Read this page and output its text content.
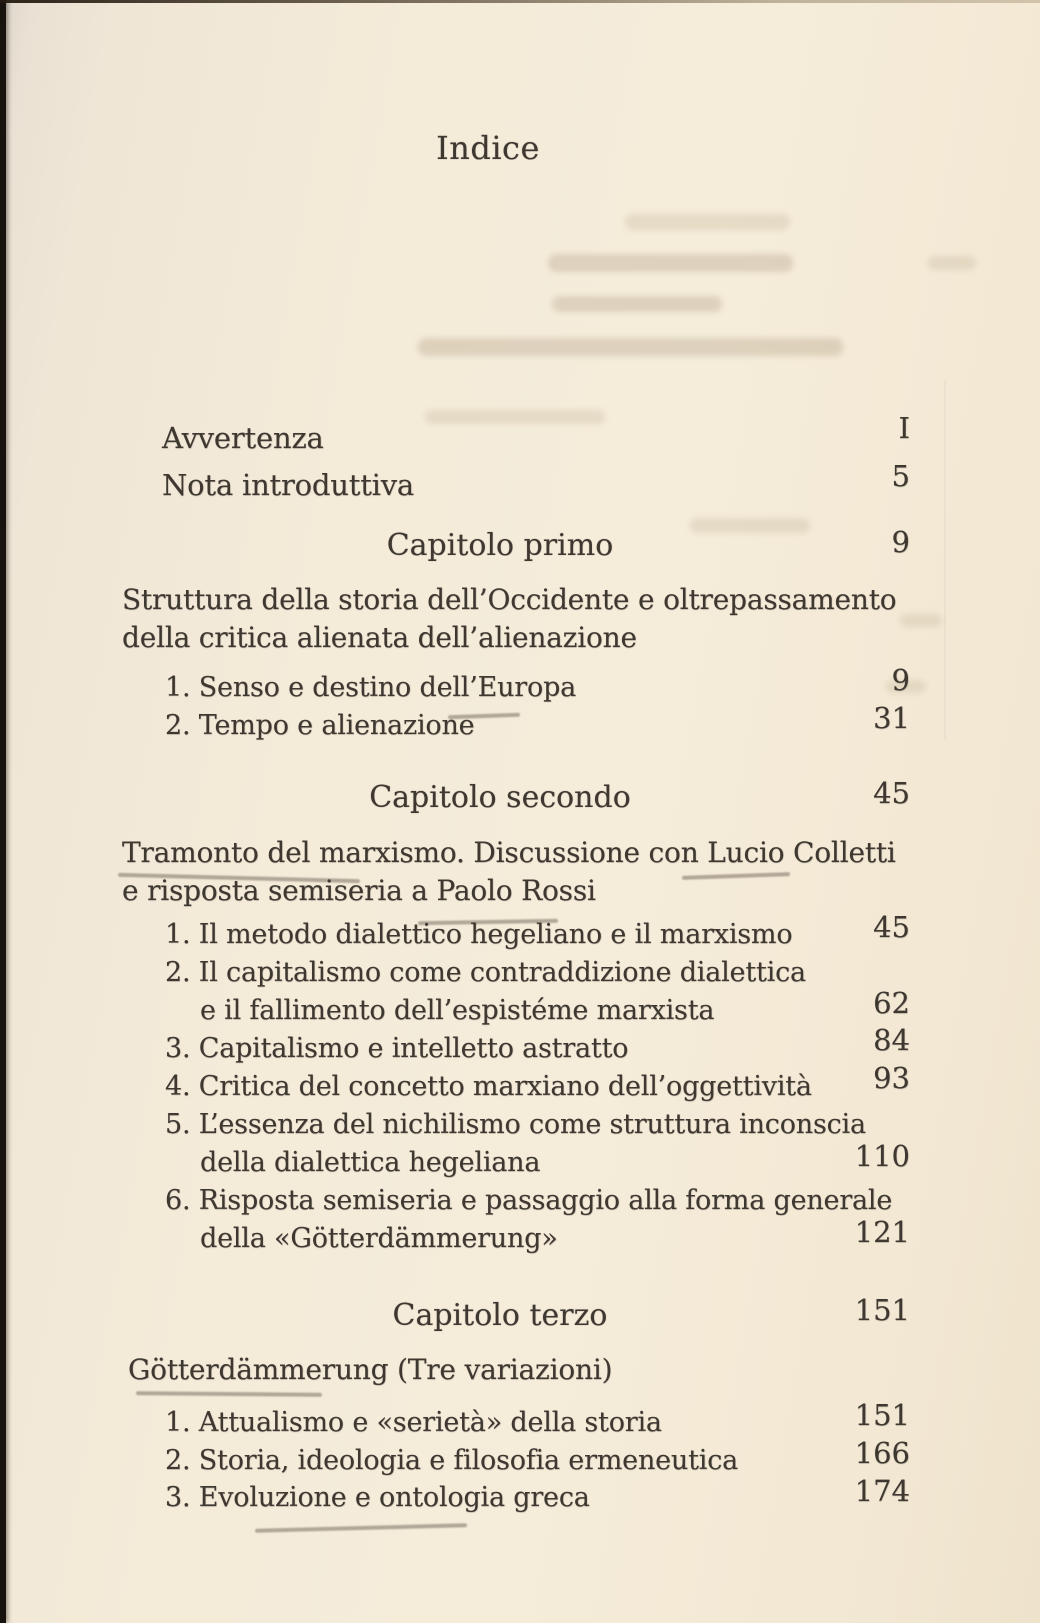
Indice
Avvertenza	I
Nota introduttiva	5
Capitolo primo	9
Struttura della storia dell’Occidente e oltrepassamento
della critica alienata dell’alienazione
1. Senso e destino dell’Europa	9
2. Tempo e alienazione	31
Capitolo secondo	45
Tramonto del marxismo. Discussione con Lucio Colletti
e risposta semiseria a Paolo Rossi
1. Il metodo dialettico hegeliano e il marxismo	45
2. Il capitalismo come contraddizione dialettica
e il fallimento dell’espistéme marxista	62
3. Capitalismo e intelletto astratto	84
4. Critica del concetto marxiano dell’oggettività 93
5. L’essenza del nichilismo come struttura inconscia
della dialettica hegeliana	110
6. Risposta semiseria e passaggio alla forma generale
della «Götterdämmerung»	121
Capitolo terzo	151
Götterdämmerung (Tre variazioni)
1. Attualismo e «serietà» della storia	151
2. Storia, ideologia e filosofia ermeneutica	166
3. Evoluzione e ontologia greca	174
